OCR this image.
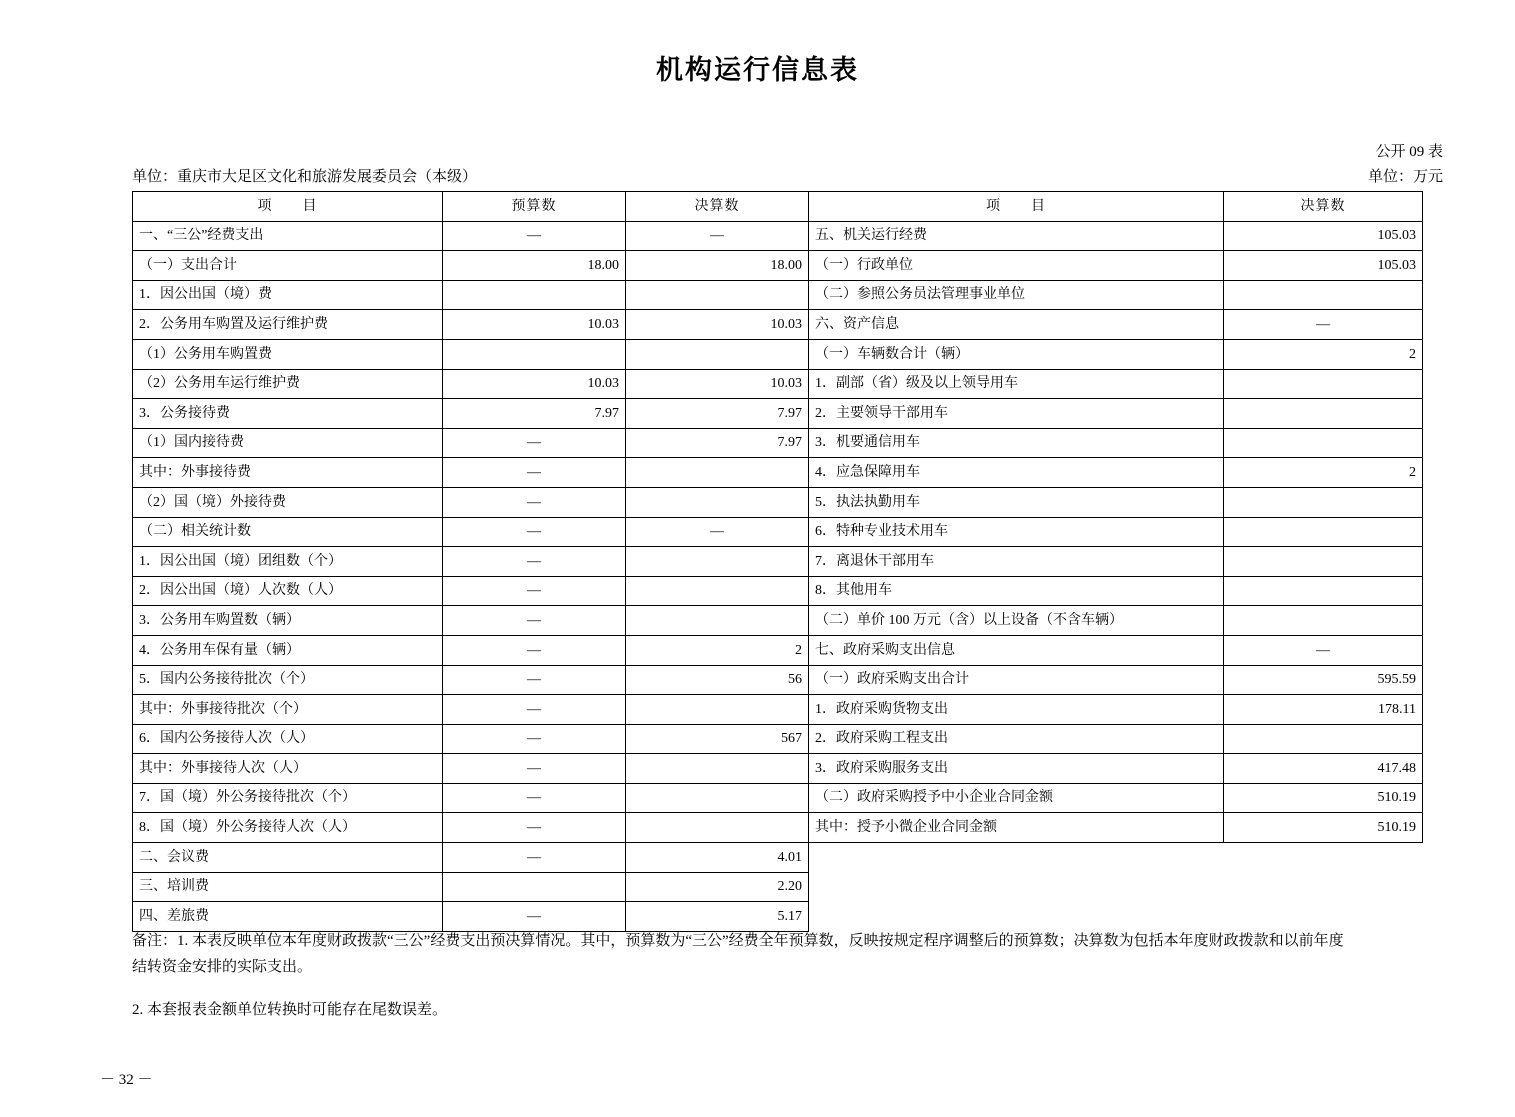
机构运行信息表
公开 09 表
单位：重庆市大足区文化和旅游发展委员会（本级）	单位：万元
项　　目	预算数	决算数	项　　目	决算数
一、“三公”经费支出	—	—	五、机关运行经费	105.03
（一）支出合计	18.00	18.00	（一）行政单位	105.03
1．因公出国（境）费			（二）参照公务员法管理事业单位	
2．公务用车购置及运行维护费	10.03	10.03	六、资产信息	—
（1）公务用车购置费			（一）车辆数合计（辆）	2
（2）公务用车运行维护费	10.03	10.03	1．副部（省）级及以上领导用车	
3．公务接待费	7.97	7.97	2．主要领导干部用车	
（1）国内接待费	—	7.97	3．机要通信用车	
其中：外事接待费	—		4．应急保障用车	2
（2）国（境）外接待费	—		5．执法执勤用车	
（二）相关统计数	—	—	6．特种专业技术用车	
1．因公出国（境）团组数（个）	—		7．离退休干部用车	
2．因公出国（境）人次数（人）	—		8．其他用车	
3．公务用车购置数（辆）	—		（二）单价 100 万元（含）以上设备（不含车辆）	
4．公务用车保有量（辆）	—	2	七、政府采购支出信息	—
5．国内公务接待批次（个）	—	56	（一）政府采购支出合计	595.59
其中：外事接待批次（个）	—		1．政府采购货物支出	178.11
6．国内公务接待人次（人）	—	567	2．政府采购工程支出	
其中：外事接待人次（人）	—		3．政府采购服务支出	417.48
7．国（境）外公务接待批次（个）	—		（二）政府采购授予中小企业合同金额	510.19
8．国（境）外公务接待人次（人）	—		其中：授予小微企业合同金额	510.19
二、会议费	—	4.01		
三、培训费		2.20		
四、差旅费	—	5.17		

备注：1. 本表反映单位本年度财政拨款“三公”经费支出预决算情况。其中，预算数为“三公”经费全年预算数，反映按规定程序调整后的预算数；决算数为包括本年度财政拨款和以前年度

结转资金安排的实际支出。

2. 本套报表金额单位转换时可能存在尾数误差。

－ 32 －
